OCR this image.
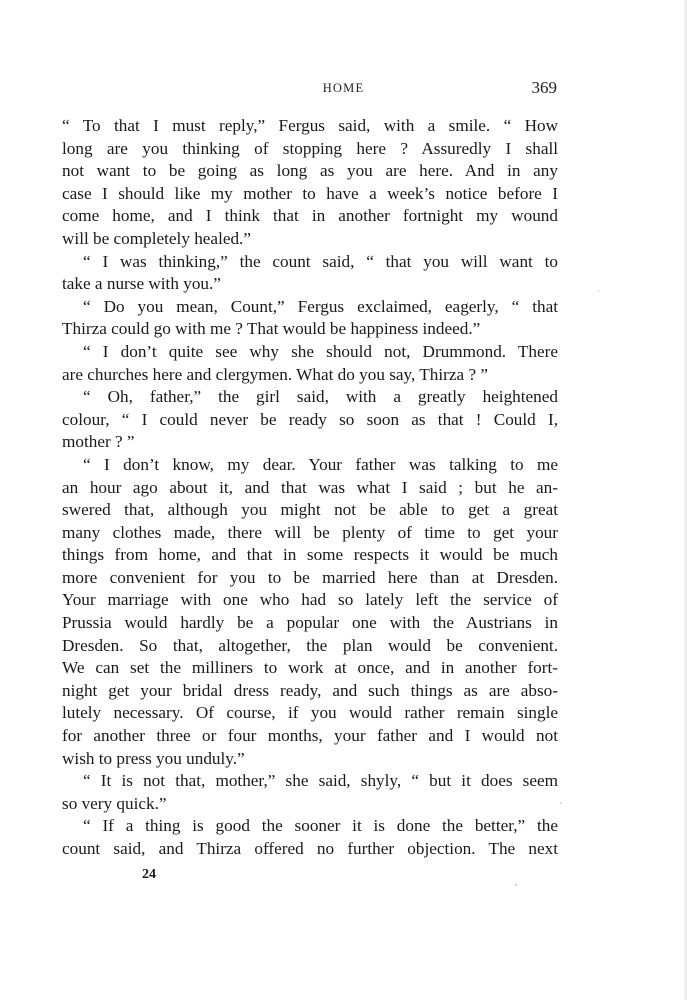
HOME	369
“ To that I must reply,” Fergus said, with a smile. “ How
long are you thinking of stopping here ? Assuredly I shall
not want to be going as long as you are here. And in any
case I should like my mother to have a week’s notice before I
come home, and I think that in another fortnight my wound
will be completely healed.”
“ I was thinking,” the count said, “ that you will want to
take a nurse with you.”
“ Do you mean, Count,” Fergus exclaimed, eagerly, “ that
Thirza could go with me ? That would be happiness indeed.”
“ I don’t quite see why she should not, Drummond. There
are churches here and clergymen. What do you say, Thirza ? ”
“ Oh, father,” the girl said, with a greatly heightened
colour, “ I could never be ready so soon as that ! Could I,
mother ? ”
“ I don’t know, my dear. Your father was talking to me
an hour ago about it, and that was what I said ; but he an-
swered that, although you might not be able to get a great
many clothes made, there will be plenty of time to get your
things from home, and that in some respects it would be much
more convenient for you to be married here than at Dresden.
Your marriage with one who had so lately left the service of
Prussia would hardly be a popular one with the Austrians in
Dresden. So that, altogether, the plan would be convenient.
We can set the milliners to work at once, and in another fort-
night get your bridal dress ready, and such things as are abso-
lutely necessary. Of course, if you would rather remain single
for another three or four months, your father and I would not
wish to press you unduly.”
“ It is not that, mother,” she said, shyly, “ but it does seem
so very quick.”
“ If a thing is good the sooner it is done the better,” the
count said, and Thirza offered no further objection. The next
24
